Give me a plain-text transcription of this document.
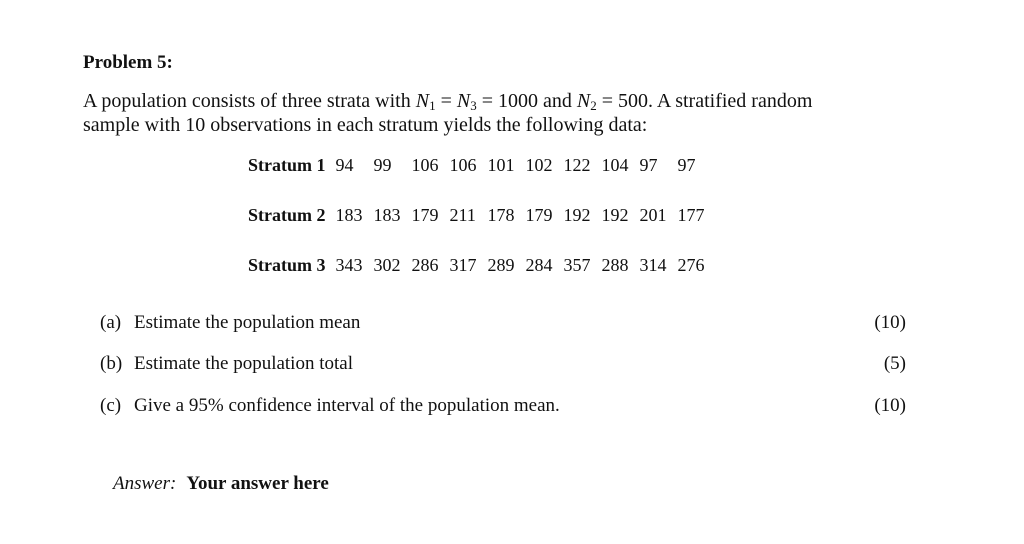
Problem 5:
A population consists of three strata with $N_1 = N_3 = 1000$ and $N_2 = 500$. A stratified random
sample with 10 observations in each stratum yields the following data:
Stratum 1	94	99	106	106	101	102	122	104	97	97
Stratum 2	183	183	179	211	178	179	192	192	201	177
Stratum 3	343	302	286	317	289	284	357	288	314	276
(a) Estimate the population mean	(10)
(b) Estimate the population total	(5)
(c) Give a 95% confidence interval of the population mean.	(10)
Answer: Your answer here
